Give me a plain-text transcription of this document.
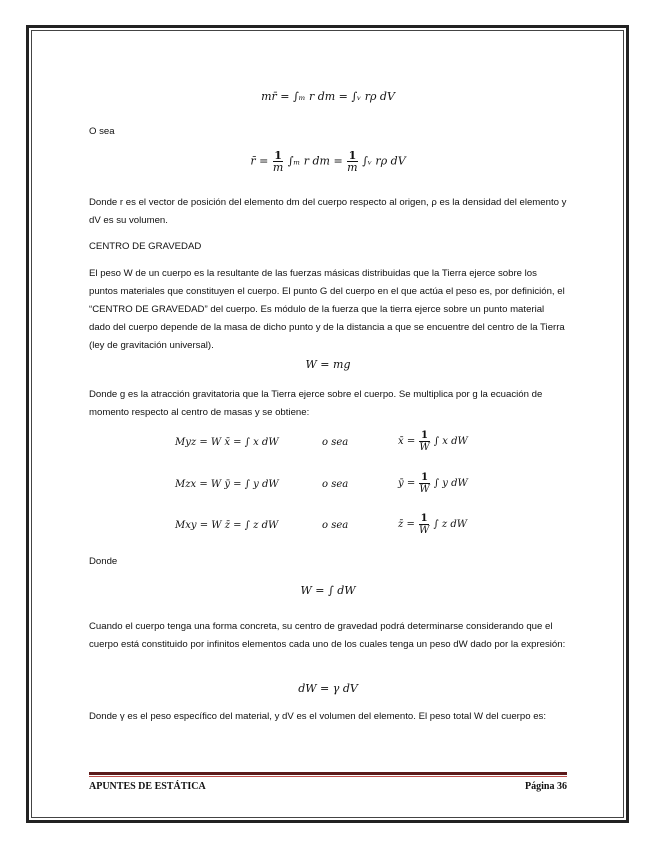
mr̄ = ∫ₘ r dm = ∫ᵥ rρ dV
O sea
r̄ = $\frac{1}{m} \int_m$ r dm = $\frac{1}{m}$ ∫ᵥ rρ dV
Donde r es el vector de posición del elemento dm del cuerpo respecto al origen, ρ es la densidad del elemento y dV es su volumen.
CENTRO DE GRAVEDAD
El peso W de un cuerpo es la resultante de las fuerzas másicas distribuidas que la Tierra ejerce sobre los puntos materiales que constituyen el cuerpo. El punto G del cuerpo en el que actúa el peso es, por definición, el “CENTRO DE GRAVEDAD” del cuerpo. Es módulo de la fuerza que la tierra ejerce sobre un punto material dado del cuerpo depende de la masa de dicho punto y de la distancia a que se encuentre del centro de la Tierra (ley de gravitación universal).
W = mg
Donde g es la atracción gravitatoria que la Tierra ejerce sobre el cuerpo. Se multiplica por g la ecuación de momento respecto al centro de masas y se obtiene:
Myz = W x̄ = ∫ x dW	o sea	x̄ = $\frac{1}{W}$ ∫ x dW
Mzx = W ȳ = ∫ y dW	o sea	ȳ = $\frac{1}{W}$ ∫ y dW
Mxy = W z̄ = ∫ z dW	o sea	z̄ = $\frac{1}{W}$ ∫ z dW
Donde
W = ∫ dW
Cuando el cuerpo tenga una forma concreta, su centro de gravedad podrá determinarse considerando que el cuerpo está constituido por infinitos elementos cada uno de los cuales tenga un peso dW dado por la expresión:
dW = γ dV
Donde γ es el peso específico del material, y dV es el volumen del elemento. El peso total W del cuerpo es:
APUNTES DE ESTÁTICA	Página 36
